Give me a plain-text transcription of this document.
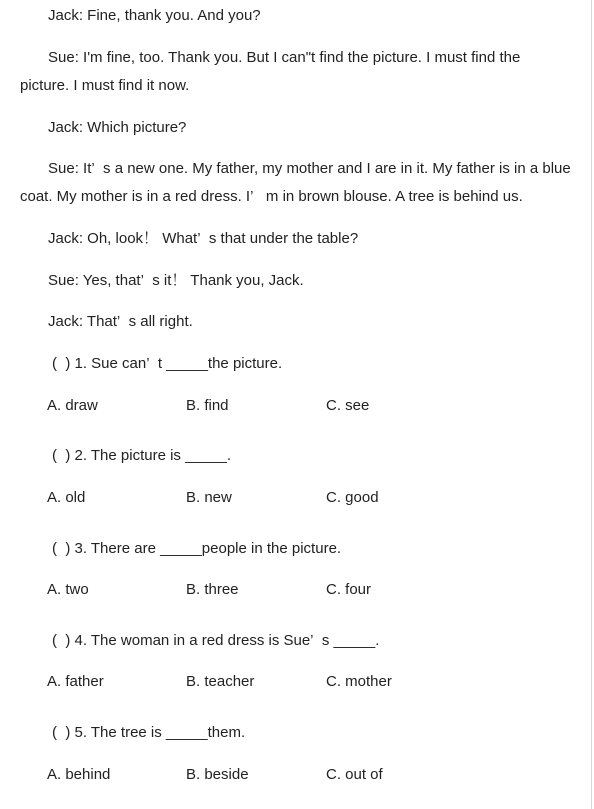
Jack: Fine, thank you. And you?
Sue: I'm fine, too. Thank you. But I can"t find the picture. I must find the
picture. I must find it now.
Jack: Which picture?
Sue: It’  s a new one. My father, my mother and I are in it. My father is in a blue
coat. My mother is in a red dress. I’   m in brown blouse. A tree is behind us.
Jack: Oh, look！ What’  s that under the table?
Sue: Yes, that’  s it！ Thank you, Jack.
Jack: That’  s all right.
(  ) 1. Sue can’  t _____the picture.
A. draw	B. find	C. see
(  ) 2. The picture is _____.
A. old	B. new	C. good
(  ) 3. There are _____people in the picture.
A. two	B. three	C. four
(  ) 4. The woman in a red dress is Sue’  s _____.
A. father	B. teacher	C. mother
(  ) 5. The tree is _____them.
A. behind	B. beside	C. out of
